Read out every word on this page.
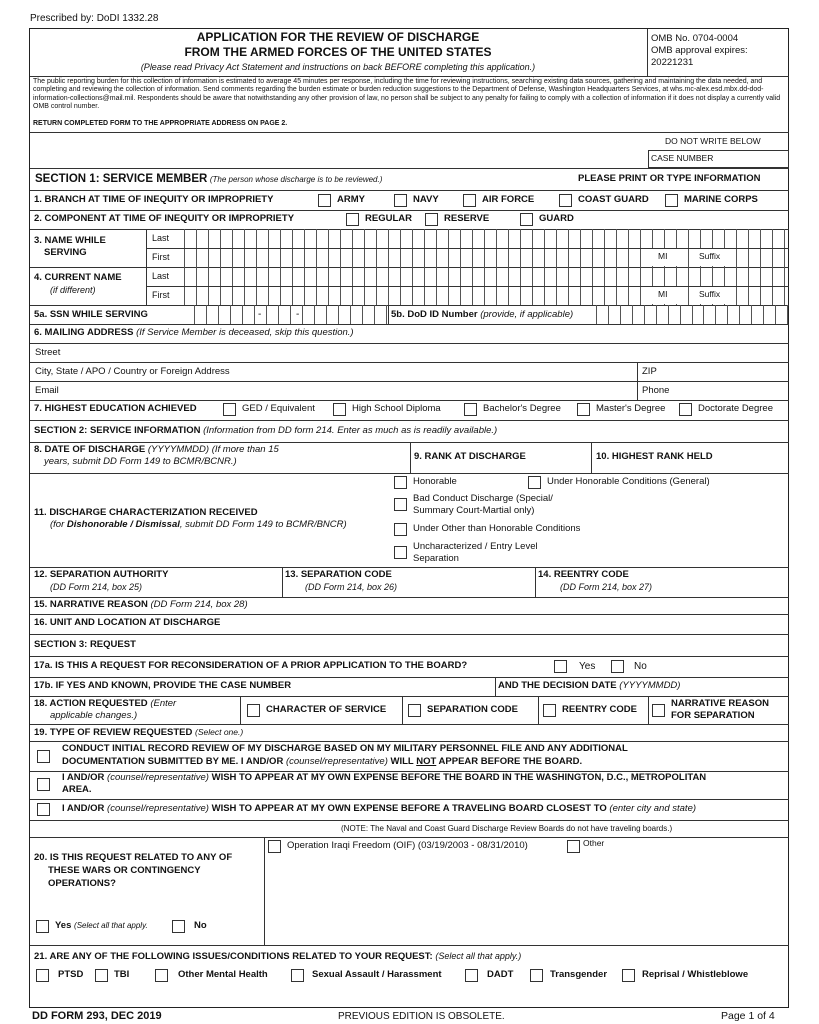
Prescribed by: DoDI 1332.28
APPLICATION FOR THE REVIEW OF DISCHARGE
FROM THE ARMED FORCES OF THE UNITED STATES
(Please read Privacy Act Statement and instructions on back BEFORE completing this application.)
OMB No. 0704-0004
OMB approval expires:
20221231
The public reporting burden for this collection of information is estimated to average 45 minutes per response, including the time for reviewing instructions, searching existing data sources, gathering and maintaining the data needed, and completing and reviewing the collection of information. Send comments regarding the burden estimate or burden reduction suggestions to the Department of Defense, Washington Headquarters Services, at whs.mc-alex.esd.mbx.dd-dod-information-collections@mail.mil. Respondents should be aware that notwithstanding any other provision of law, no person shall be subject to any penalty for failing to comply with a collection of information if it does not display a currently valid OMB control number.
RETURN COMPLETED FORM TO THE APPROPRIATE ADDRESS ON PAGE 2.
DO NOT WRITE BELOW
CASE NUMBER
SECTION 1: SERVICE MEMBER (The person whose discharge is to be reviewed.)	PLEASE PRINT OR TYPE INFORMATION
1. BRANCH AT TIME OF INEQUITY OR IMPROPRIETY	ARMY	NAVY	AIR FORCE	COAST GUARD	MARINE CORPS
2. COMPONENT AT TIME OF INEQUITY OR IMPROPRIETY	REGULAR	RESERVE	GUARD
3. NAME WHILE
SERVING
Last
First	MI	Suffix
4. CURRENT NAME
(if different)
Last
First	MI	Suffix
5a. SSN WHILE SERVING	-	-	5b. DoD ID Number (provide, if applicable)
6. MAILING ADDRESS (If Service Member is deceased, skip this question.)
Street
City, State / APO / Country or Foreign Address	ZIP
Email	Phone
7. HIGHEST EDUCATION ACHIEVED	GED / Equivalent	High School Diploma	Bachelor's Degree	Master's Degree	Doctorate Degree
SECTION 2: SERVICE INFORMATION (Information from DD form 214. Enter as much as is readily available.)
8. DATE OF DISCHARGE (YYYYMMDD) (If more than 15
years, submit DD Form 149 to BCMR/BCNR.)	9. RANK AT DISCHARGE	10. HIGHEST RANK HELD
11. DISCHARGE CHARACTERIZATION RECEIVED
(for Dishonorable / Dismissal, submit DD Form 149 to BCMR/BNCR)
Honorable	Under Honorable Conditions (General)
Bad Conduct Discharge (Special/
Summary Court-Martial only)
Under Other than Honorable Conditions
Uncharacterized / Entry Level
Separation
12. SEPARATION AUTHORITY
(DD Form 214, box 25)
13. SEPARATION CODE
(DD Form 214, box 26)
14. REENTRY CODE
(DD Form 214, box 27)
15. NARRATIVE REASON (DD Form 214, box 28)
16. UNIT AND LOCATION AT DISCHARGE
SECTION 3: REQUEST
17a. IS THIS A REQUEST FOR RECONSIDERATION OF A PRIOR APPLICATION TO THE BOARD?	Yes	No
17b. IF YES AND KNOWN, PROVIDE THE CASE NUMBER	AND THE DECISION DATE (YYYYMMDD)
18. ACTION REQUESTED (Enter
applicable changes.)
CHARACTER OF SERVICE	SEPARATION CODE	REENTRY CODE
NARRATIVE REASON
FOR SEPARATION
19. TYPE OF REVIEW REQUESTED (Select one.)
CONDUCT INITIAL RECORD REVIEW OF MY DISCHARGE BASED ON MY MILITARY PERSONNEL FILE AND ANY ADDITIONAL
DOCUMENTATION SUBMITTED BY ME. I AND/OR (counsel/representative) WILL NOT APPEAR BEFORE THE BOARD.
I AND/OR (counsel/representative) WISH TO APPEAR AT MY OWN EXPENSE BEFORE THE BOARD IN THE WASHINGTON, D.C., METROPOLITAN
AREA.
I AND/OR (counsel/representative) WISH TO APPEAR AT MY OWN EXPENSE BEFORE A TRAVELING BOARD CLOSEST TO (enter city and state)
(NOTE: The Naval and Coast Guard Discharge Review Boards do not have traveling boards.)
20. IS THIS REQUEST RELATED TO ANY OF
THESE WARS OR CONTINGENCY
OPERATIONS?
Yes (Select all that apply.	No
Operation Iraqi Freedom (OIF) (03/19/2003 - 08/31/2010)	Other
21. ARE ANY OF THE FOLLOWING ISSUES/CONDITIONS RELATED TO YOUR REQUEST: (Select all that apply.)
PTSD	TBI	Other Mental Health	Sexual Assault / Harassment	DADT	Transgender	Reprisal / Whistleblowe
DD FORM 293, DEC 2019	PREVIOUS EDITION IS OBSOLETE.	Page 1 of 4
